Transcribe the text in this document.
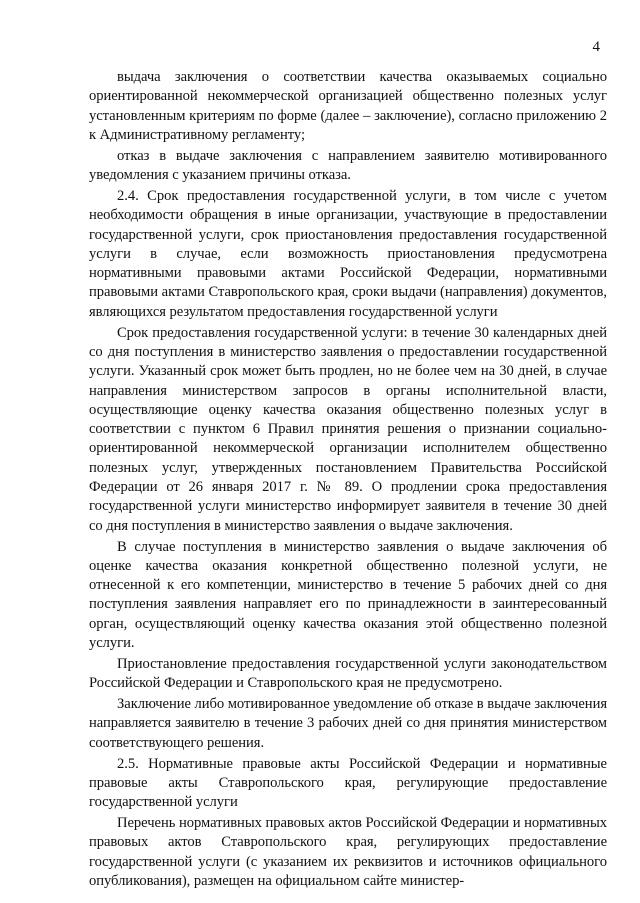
4

выдача заключения о соответствии качества оказываемых социально ориентированной некоммерческой организацией общественно полезных услуг установленным критериям по форме (далее – заключение), согласно приложению 2 к Административному регламенту;

отказ в выдаче заключения с направлением заявителю мотивированного уведомления с указанием причины отказа.

2.4. Срок предоставления государственной услуги, в том числе с учетом необходимости обращения в иные организации, участвующие в предоставлении государственной услуги, срок приостановления предоставления государственной услуги в случае, если возможность приостановления предусмотрена нормативными правовыми актами Российской Федерации, нормативными правовыми актами Ставропольского края, сроки выдачи (направления) документов, являющихся результатом предоставления государственной услуги

Срок предоставления государственной услуги: в течение 30 календарных дней со дня поступления в министерство заявления о предоставлении государственной услуги. Указанный срок может быть продлен, но не более чем на 30 дней, в случае направления министерством запросов в органы исполнительной власти, осуществляющие оценку качества оказания общественно полезных услуг в соответствии с пунктом 6 Правил принятия решения о признании социально-ориентированной некоммерческой организации исполнителем общественно полезных услуг, утвержденных постановлением Правительства Российской Федерации от 26 января 2017 г. № 89. О продлении срока предоставления государственной услуги министерство информирует заявителя в течение 30 дней со дня поступления в министерство заявления о выдаче заключения.

В случае поступления в министерство заявления о выдаче заключения об оценке качества оказания конкретной общественно полезной услуги, не отнесенной к его компетенции, министерство в течение 5 рабочих дней со дня поступления заявления направляет его по принадлежности в заинтересованный орган, осуществляющий оценку качества оказания этой общественно полезной услуги.

Приостановление предоставления государственной услуги законодательством Российской Федерации и Ставропольского края не предусмотрено.

Заключение либо мотивированное уведомление об отказе в выдаче заключения направляется заявителю в течение 3 рабочих дней со дня принятия министерством соответствующего решения.

2.5. Нормативные правовые акты Российской Федерации и нормативные правовые акты Ставропольского края, регулирующие предоставление государственной услуги

Перечень нормативных правовых актов Российской Федерации и нормативных правовых актов Ставропольского края, регулирующих предоставление государственной услуги (с указанием их реквизитов и источников официального опубликования), размещен на официальном сайте министер-
